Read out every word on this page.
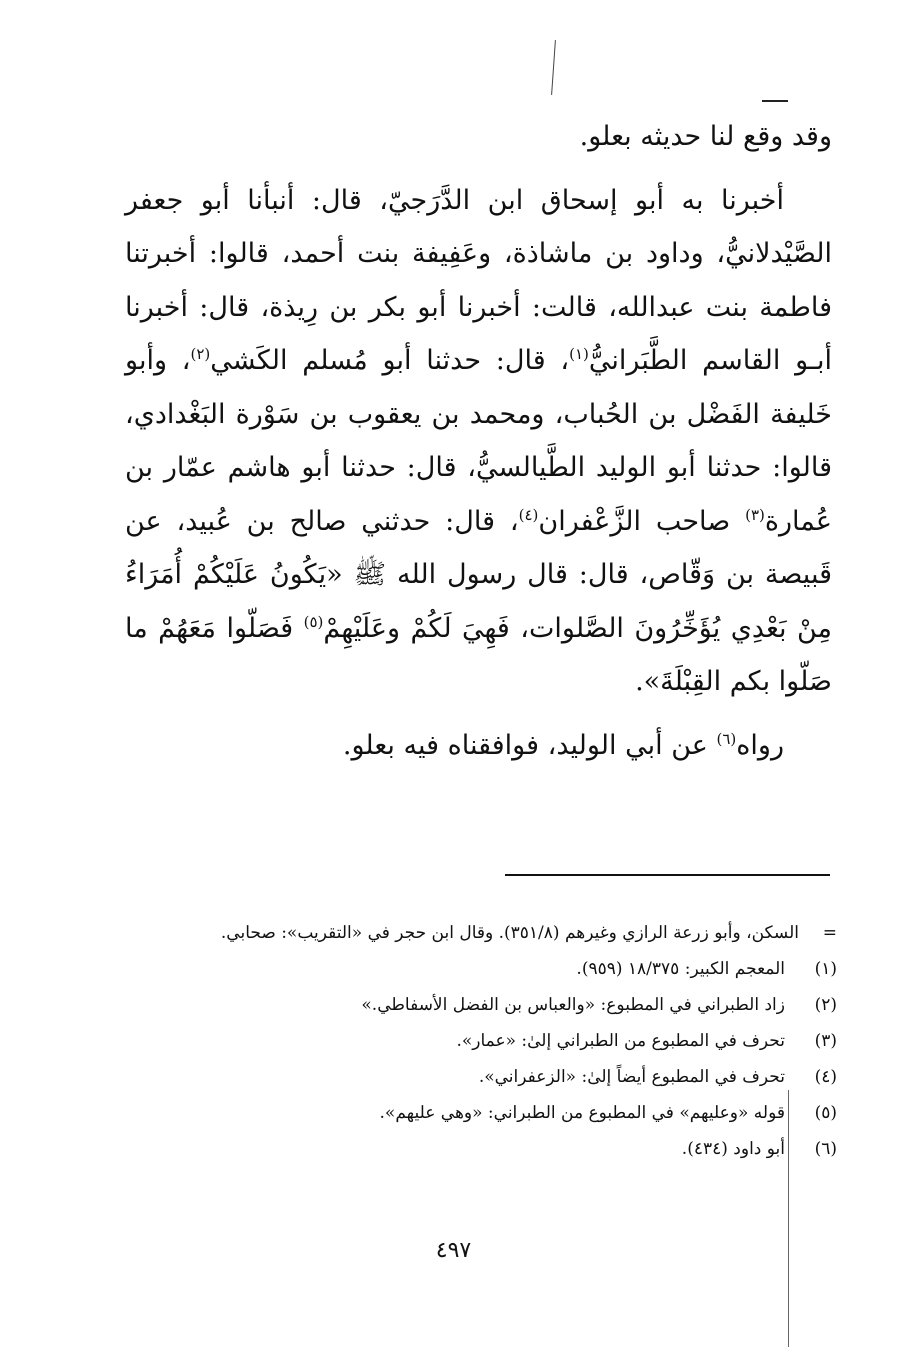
وقد وقع لنا حديثه بعلو.

أخبرنا به أبو إسحاق ابن الدَّرَجيّ، قال: أنبأنا أبو جعفر الصَّيْدلانيُّ، وداود بن ماشاذة، وعَفِيفة بنت أحمد، قالوا: أخبرتنا فاطمة بنت عبدالله، قالت: أخبرنا أبو بكر بن رِيذة، قال: أخبرنا أبـو القاسم الطَّبَرانيُّ$^{(١)}$، قال: حدثنا أبو مُسلم الكَشي$^{(٢)}$، وأبو خَليفة الفَضْل بن الحُباب، ومحمد بن يعقوب بن سَوْرة البَغْدادي، قالوا: حدثنا أبو الوليد الطَّيالسيُّ، قال: حدثنا أبو هاشم عمّار بن عُمارة$^{(٣)}$ صاحب الزَّعْفران$^{(٤)}$، قال: حدثني صالح بن عُبيد، عن قَبيصة بن وَقّاص، قال: قال رسول الله ﷺ «يَكُونُ عَلَيْكُمْ أُمَرَاءُ مِنْ بَعْدِي يُؤَخِّرُونَ الصَّلوات، فَهِيَ لَكُمْ وعَلَيْهِمْ$^{(٥)}$ فَصَلّوا مَعَهُمْ ما صَلّوا بكم القِبْلَةَ».

رواه$^{(٦)}$ عن أبي الوليد، فوافقناه فيه بعلو.

=
السكن، وأبو زرعة الرازي وغيرهم (٣٥١/٨). وقال ابن حجر في «التقريب»: صحابي.

(١)
المعجم الكبير: ١٨/٣٧٥ (٩٥٩).

(٢)
زاد الطبراني في المطبوع: «والعباس بن الفضل الأسفاطي.»

(٣)
تحرف في المطبوع من الطبراني إلىٰ: «عمار».

(٤)
تحرف في المطبوع أيضاً إلىٰ: «الزعفراني».

(٥)
قوله «وعليهم» في المطبوع من الطبراني: «وهي عليهم».

(٦)
أبو داود (٤٣٤).

٤٩٧
